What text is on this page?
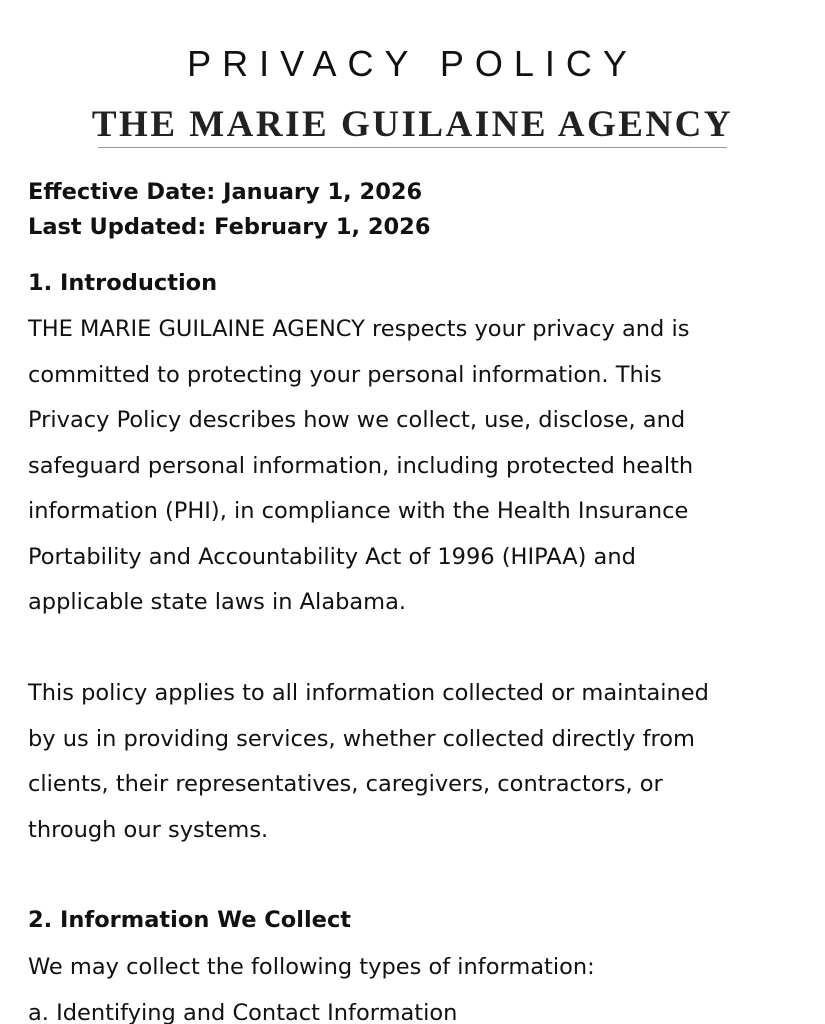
PRIVACY POLICY
THE MARIE GUILAINE AGENCY
Effective Date: January 1, 2026
Last Updated: February 1, 2026
1. Introduction
THE MARIE GUILAINE AGENCY respects your privacy and is
committed to protecting your personal information. This
Privacy Policy describes how we collect, use, disclose, and
safeguard personal information, including protected health
information (PHI), in compliance with the Health Insurance
Portability and Accountability Act of 1996 (HIPAA) and
applicable state laws in Alabama.
This policy applies to all information collected or maintained
by us in providing services, whether collected directly from
clients, their representatives, caregivers, contractors, or
through our systems.
2. Information We Collect
We may collect the following types of information:
a. Identifying and Contact Information
